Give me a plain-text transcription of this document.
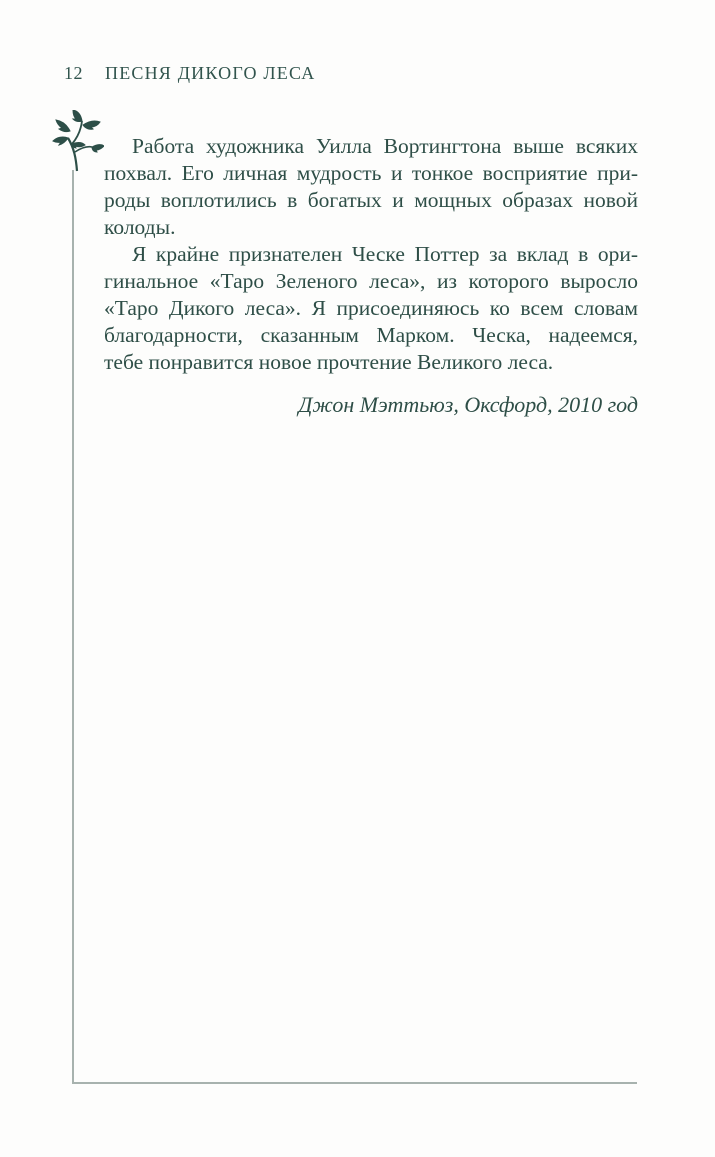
12 ПЕСНЯ ДИКОГО ЛЕСА

Работа художника Уилла Вортингтона выше всяких
похвал. Его личная мудрость и тонкое восприятие при-
роды воплотились в богатых и мощных образах новой
колоды.

Я крайне признателен Ческе Поттер за вклад в ори-
гинальное «Таро Зеленого леса», из которого выросло
«Таро Дикого леса». Я присоединяюсь ко всем словам
благодарности, сказанным Марком. Ческа, надеемся,
тебе понравится новое прочтение Великого леса.

Джон Мэттьюз, Оксфорд, 2010 год
